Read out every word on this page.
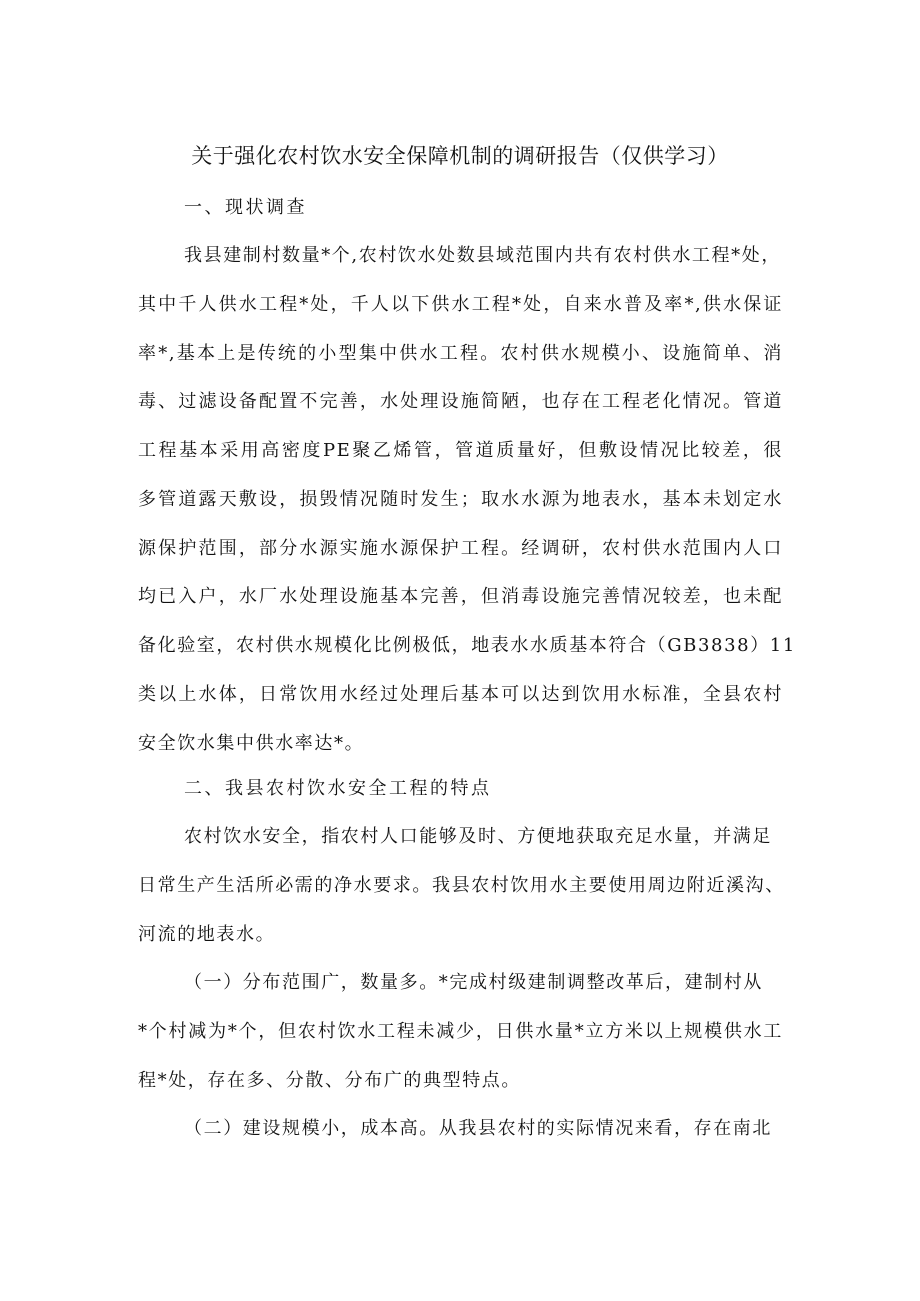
关于强化农村饮水安全保障机制的调研报告（仅供学习）
一、现状调查
我县建制村数量*个,农村饮水处数县域范围内共有农村供水工程*处，
其中千人供水工程*处，千人以下供水工程*处，自来水普及率*,供水保证
率*,基本上是传统的小型集中供水工程。农村供水规模小、设施简单、消
毒、过滤设备配置不完善，水处理设施简陋，也存在工程老化情况。管道
工程基本采用高密度PE聚乙烯管，管道质量好，但敷设情况比较差，很
多管道露天敷设，损毁情况随时发生；取水水源为地表水，基本未划定水
源保护范围，部分水源实施水源保护工程。经调研，农村供水范围内人口
均已入户，水厂水处理设施基本完善，但消毒设施完善情况较差，也未配
备化验室，农村供水规模化比例极低，地表水水质基本符合（GB3838）11
类以上水体，日常饮用水经过处理后基本可以达到饮用水标准，全县农村
安全饮水集中供水率达*。
二、我县农村饮水安全工程的特点
农村饮水安全，指农村人口能够及时、方便地获取充足水量，并满足
日常生产生活所必需的净水要求。我县农村饮用水主要使用周边附近溪沟、
河流的地表水。
（一）分布范围广，数量多。*完成村级建制调整改革后，建制村从
*个村减为*个，但农村饮水工程未减少，日供水量*立方米以上规模供水工
程*处，存在多、分散、分布广的典型特点。
（二）建设规模小，成本高。从我县农村的实际情况来看，存在南北
